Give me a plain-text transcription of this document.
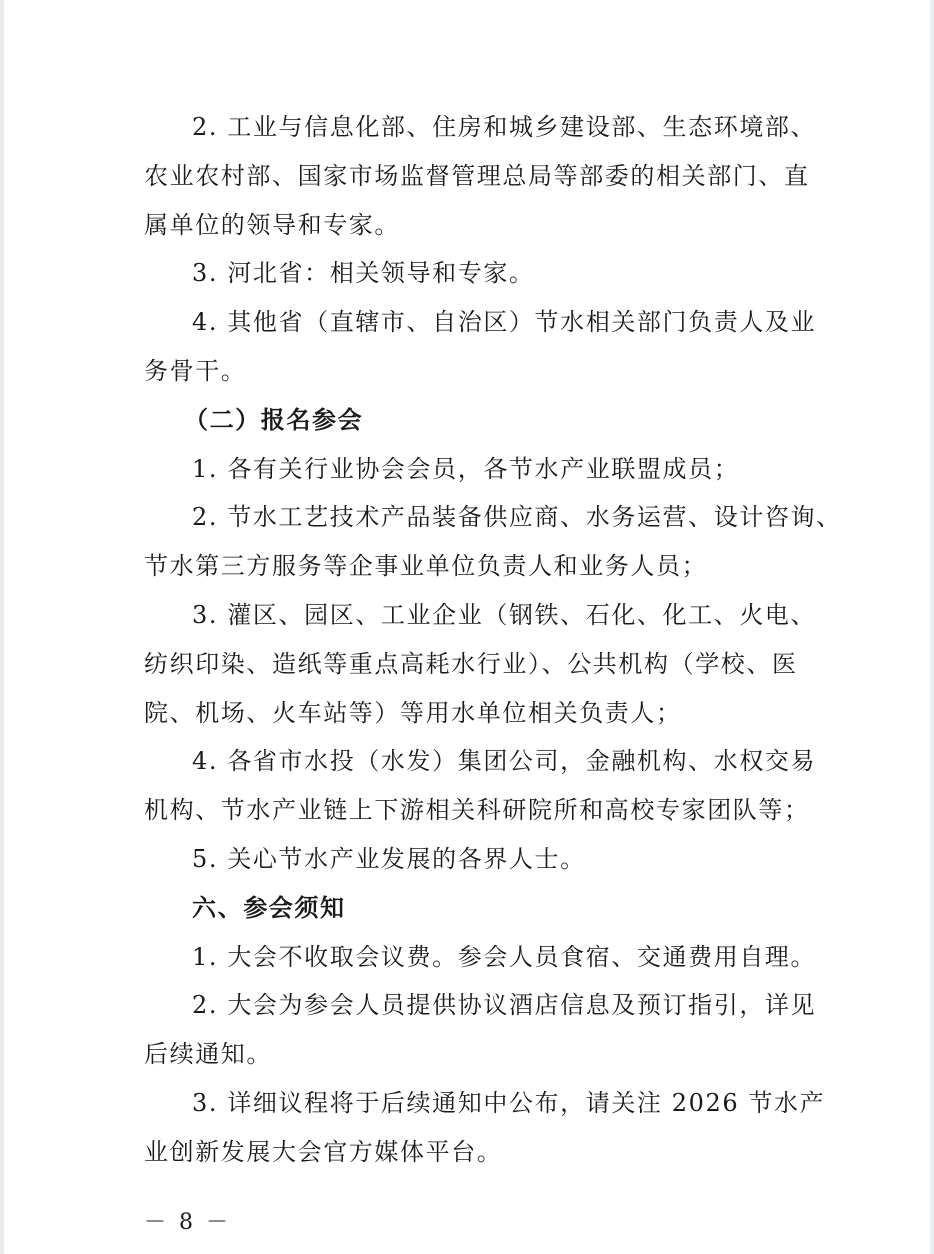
2. 工业与信息化部、住房和城乡建设部、生态环境部、
农业农村部、国家市场监督管理总局等部委的相关部门、直
属单位的领导和专家。
3. 河北省：相关领导和专家。
4. 其他省（直辖市、自治区）节水相关部门负责人及业
务骨干。
（二）报名参会
1. 各有关行业协会会员，各节水产业联盟成员；
2. 节水工艺技术产品装备供应商、水务运营、设计咨询、
节水第三方服务等企事业单位负责人和业务人员；
3. 灌区、园区、工业企业（钢铁、石化、化工、火电、
纺织印染、造纸等重点高耗水行业）、公共机构（学校、医
院、机场、火车站等）等用水单位相关负责人；
4. 各省市水投（水发）集团公司，金融机构、水权交易
机构、节水产业链上下游相关科研院所和高校专家团队等；
5. 关心节水产业发展的各界人士。
六、参会须知
1. 大会不收取会议费。参会人员食宿、交通费用自理。
2. 大会为参会人员提供协议酒店信息及预订指引，详见
后续通知。
3. 详细议程将于后续通知中公布，请关注 2026 节水产
业创新发展大会官方媒体平台。
－ 8 －
